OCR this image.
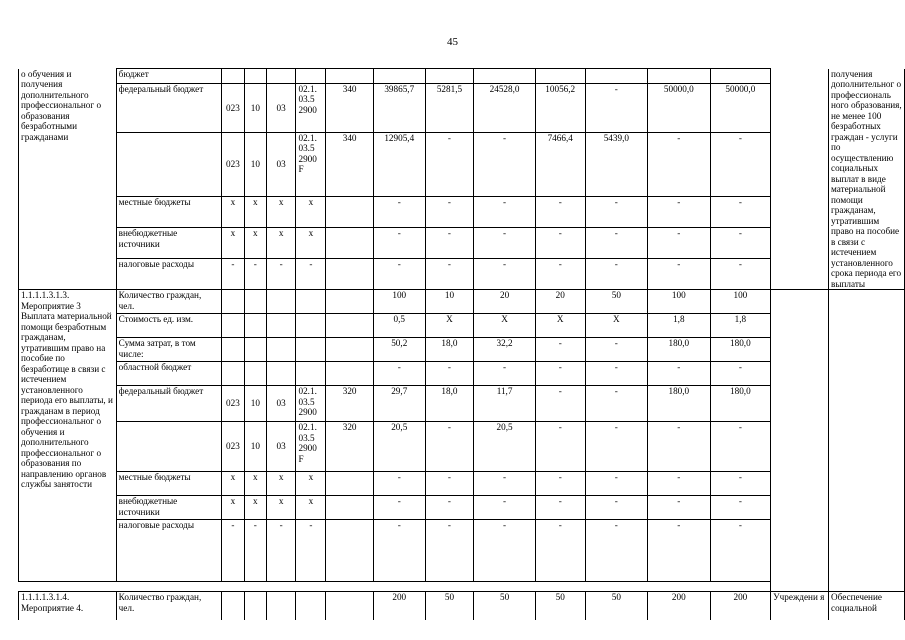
45
о обучения и получения дополнительного профессиональног о образования безработными гражданами	бюджет														получения дополнительног о профессиональ ного образования, не менее 100 безработных граждан - услуги по осуществлению социальных выплат в виде материальной помощи гражданам, утратившим право на пособие в связи с истечением установленного срока периода его выплаты
	федеральный бюджет	023	10	03	02.1. 03.5 2900	340	39865,7	5281,5	24528,0	10056,2	-	50000,0	50000,0		
		023	10	03	02.1. 03.5 2900 F	340	12905,4	-	-	7466,4	5439,0	-	-		
	местные бюджеты	x	x	x	x		-	-	-	-	-	-	-		
	внебюджетные источники	x	x	x	x		-	-	-	-	-	-	-		
	налоговые расходы	-	-	-	-		-	-	-	-	-	-	-		
1.1.1.1.3.1.3. Мероприятие 3 Выплата материальной помощи безработным гражданам, утратившим право на пособие по безработице в связи с истечением установленного периода его выплаты, и гражданам в период профессиональног о обучения и дополнительного профессиональног о образования по направлению органов службы занятости	Количество граждан, чел.						100	10	20	20	50	100	100		
	Стоимость ед. изм.						0,5	Х	Х	Х	Х	1,8	1,8		
	Сумма затрат, в том числе:						50,2	18,0	32,2	-	-	180,0	180,0		
	областной бюджет						-	-	-	-	-	-	-		
	федеральный бюджет	023	10	03	02.1. 03.5 2900	320	29,7	18,0	11,7	-	-	180,0	180,0		
		023	10	03	02.1. 03.5 2900 F	320	20,5	-	20,5	-	-	-	-		
	местные бюджеты	x	x	x	x		-	-	-	-	-	-	-		
	внебюджетные источники	x	x	x	x		-	-	-	-	-	-	-		
	налоговые расходы	-	-	-	-		-	-	-	-	-	-	-		

1.1.1.1.3.1.4. Мероприятие 4.	Количество граждан, чел.						200	50	50	50	50	200	200	Учреждени я	Обеспечение социальной
